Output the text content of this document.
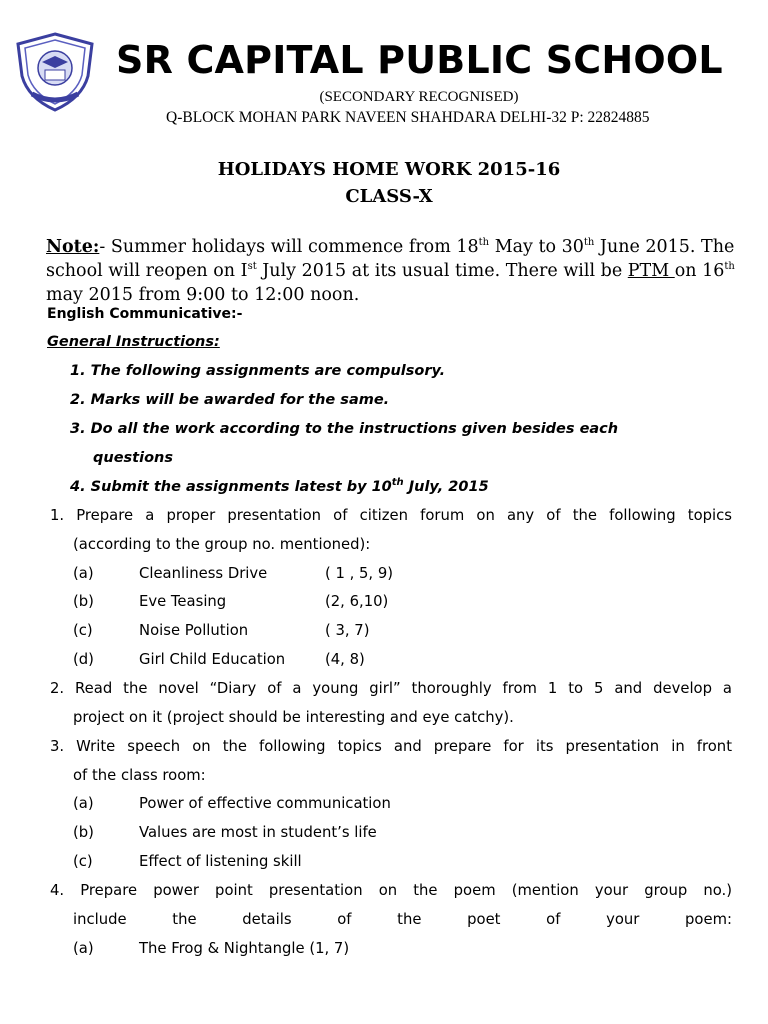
SR CAPITAL PUBLIC SCHOOL
(SECONDARY RECOGNISED)
Q-BLOCK MOHAN PARK NAVEEN SHAHDARA DELHI-32 P: 22824885
HOLIDAYS HOME WORK 2015-16
CLASS-X
Note:- Summer holidays will commence from 18th May to 30th June 2015. The school will reopen on Ist July 2015 at its usual time. There will be PTM on 16th may 2015 from 9:00 to 12:00 noon.
English Communicative:-
General Instructions:
1. The following assignments are compulsory.
2. Marks will be awarded for the same.
3. Do all the work according to the instructions given besides each
questions
4. Submit the assignments latest by 10th July, 2015
1. Prepare a proper presentation of citizen forum on any of the following topics
(according to the group no. mentioned):
(a)	Cleanliness Drive	( 1 , 5, 9)
(b)	Eve Teasing	(2, 6,10)
(c)	Noise Pollution	( 3, 7)
(d)	Girl Child Education	(4, 8)
2. Read the novel “Diary of a young girl” thoroughly from 1 to 5 and develop a
project on it (project should be interesting and eye catchy).
3. Write speech on the following topics and prepare for its presentation in front
of the class room:
(a)	Power of effective communication
(b)	Values are most in student’s life
(c)	Effect of listening skill
4. Prepare power point presentation on the poem (mention your group no.)
include the details of the poet of your poem:
(a)	The Frog & Nightangle (1, 7)
